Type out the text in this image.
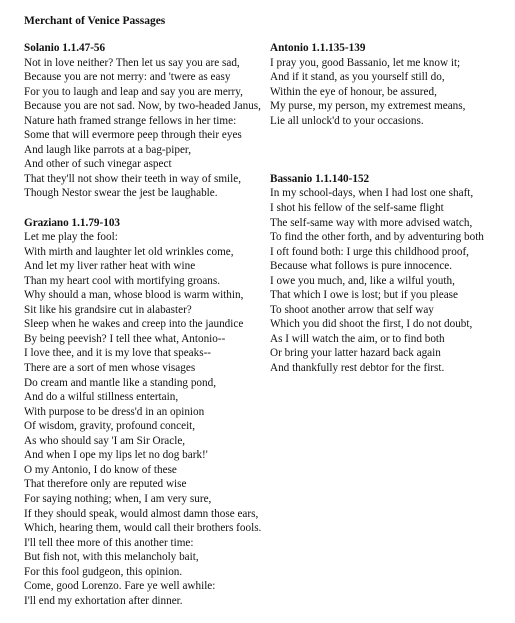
Merchant of Venice Passages
Solanio 1.1.47-56
Not in love neither? Then let us say you are sad,
Because you are not merry: and 'twere as easy
For you to laugh and leap and say you are merry,
Because you are not sad. Now, by two-headed Janus,
Nature hath framed strange fellows in her time:
Some that will evermore peep through their eyes
And laugh like parrots at a bag-piper,
And other of such vinegar aspect
That they'll not show their teeth in way of smile,
Though Nestor swear the jest be laughable.
Graziano 1.1.79-103
Let me play the fool:
With mirth and laughter let old wrinkles come,
And let my liver rather heat with wine
Than my heart cool with mortifying groans.
Why should a man, whose blood is warm within,
Sit like his grandsire cut in alabaster?
Sleep when he wakes and creep into the jaundice
By being peevish? I tell thee what, Antonio--
I love thee, and it is my love that speaks--
There are a sort of men whose visages
Do cream and mantle like a standing pond,
And do a wilful stillness entertain,
With purpose to be dress'd in an opinion
Of wisdom, gravity, profound conceit,
As who should say 'I am Sir Oracle,
And when I ope my lips let no dog bark!'
O my Antonio, I do know of these
That therefore only are reputed wise
For saying nothing; when, I am very sure,
If they should speak, would almost damn those ears,
Which, hearing them, would call their brothers fools.
I'll tell thee more of this another time:
But fish not, with this melancholy bait,
For this fool gudgeon, this opinion.
Come, good Lorenzo. Fare ye well awhile:
I'll end my exhortation after dinner.
Antonio 1.1.135-139
I pray you, good Bassanio, let me know it;
And if it stand, as you yourself still do,
Within the eye of honour, be assured,
My purse, my person, my extremest means,
Lie all unlock'd to your occasions.
Bassanio 1.1.140-152
In my school-days, when I had lost one shaft,
I shot his fellow of the self-same flight
The self-same way with more advised watch,
To find the other forth, and by adventuring both
I oft found both: I urge this childhood proof,
Because what follows is pure innocence.
I owe you much, and, like a wilful youth,
That which I owe is lost; but if you please
To shoot another arrow that self way
Which you did shoot the first, I do not doubt,
As I will watch the aim, or to find both
Or bring your latter hazard back again
And thankfully rest debtor for the first.
